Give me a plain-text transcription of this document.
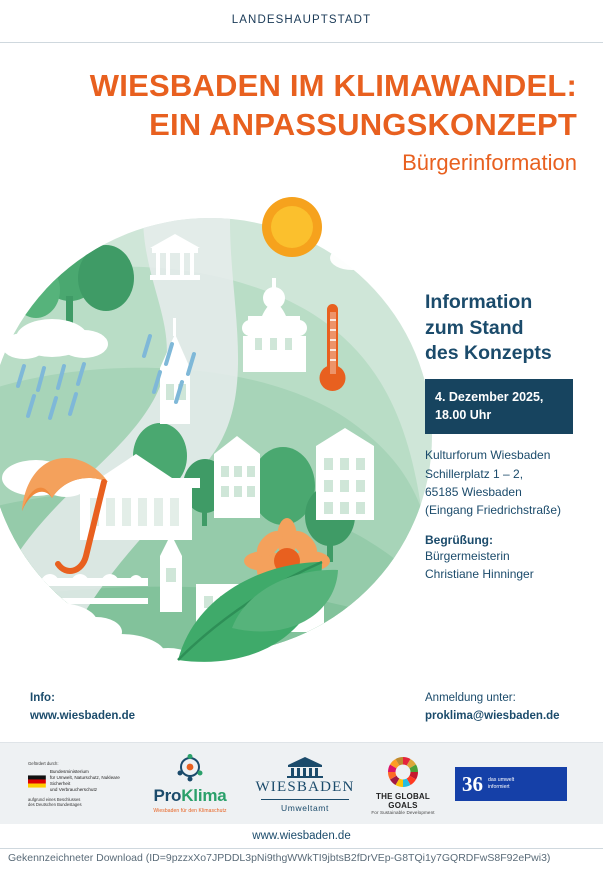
LANDESHAUPTSTADT
WIESBADEN IM KLIMAWANDEL:
EIN ANPASSUNGSKONZEPT
Bürgerinformation
Information
zum Stand
des Konzepts
4. Dezember 2025,
18.00 Uhr
Kulturforum Wiesbaden
Schillerplatz 1 – 2,
65185 Wiesbaden
(Eingang Friedrichstraße)
Begrüßung:
Bürgermeisterin
Christiane Hinninger
Info:
www.wiesbaden.de
Anmeldung unter:
proklima@wiesbaden.de
Gefördert durch:
Bundesministerium
für Umwelt, Naturschutz, Nukleare Sicherheit
und Verbraucherschutz
aufgrund eines Beschlusses
des Deutschen Bundestages	ProKlima
Wiesbaden für den Klimaschutz
WIESBADEN
Umweltamt
THE GLOBAL GOALS
For Sustainable Development
36 das umwelt
informiert
www.wiesbaden.de
Gekennzeichneter Download (ID=9pzzxXo7JPDDL3pNi9thgWWkTI9jbtsB2fDrVEp-G8TQi1y7GQRDFwS8F92ePwi3)
